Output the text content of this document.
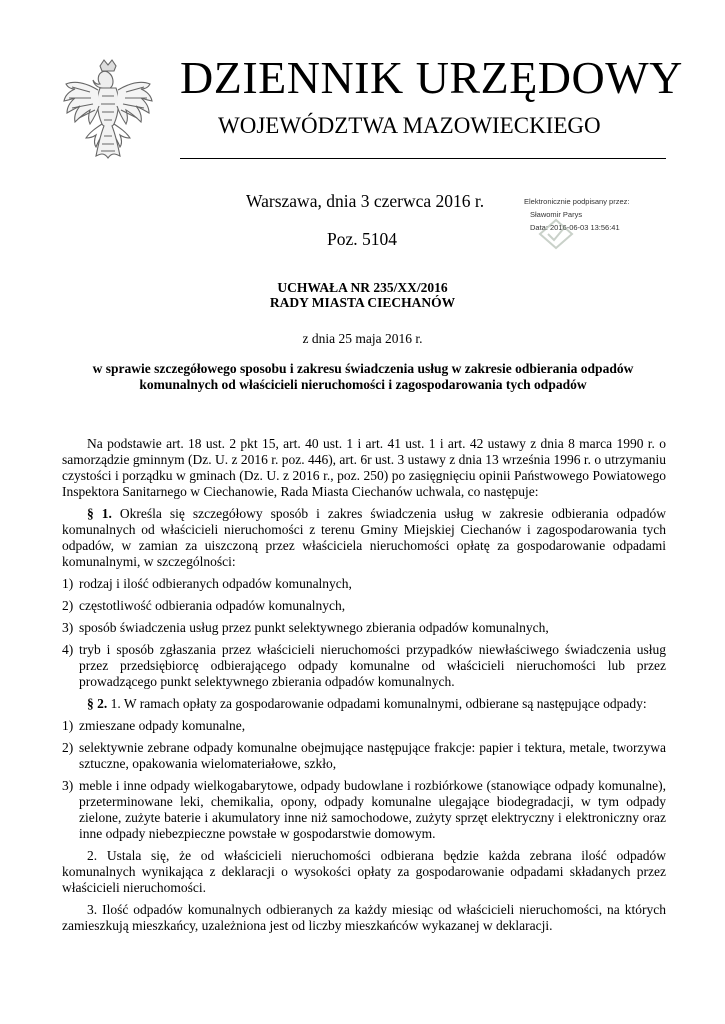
DZIENNIK URZĘDOWY
WOJEWÓDZTWA MAZOWIECKIEGO
Warszawa, dnia 3 czerwca 2016 r.
Poz. 5104
Elektronicznie podpisany przez:
Sławomir Parys
Data: 2016-06-03 13:56:41
UCHWAŁA NR 235/XX/2016
RADY MIASTA CIECHANÓW
z dnia 25 maja 2016 r.
w sprawie szczegółowego sposobu i zakresu świadczenia usług w zakresie odbierania odpadów komunalnych od właścicieli nieruchomości i zagospodarowania tych odpadów

Na podstawie art. 18 ust. 2 pkt 15, art. 40 ust. 1 i art. 41 ust. 1 i art. 42 ustawy z dnia 8 marca 1990 r. o samorządzie gminnym (Dz. U. z 2016 r. poz. 446), art. 6r ust. 3 ustawy z dnia 13 września 1996 r. o utrzymaniu czystości i porządku w gminach (Dz. U. z 2016 r., poz. 250) po zasięgnięciu opinii Państwowego Powiatowego Inspektora Sanitarnego w Ciechanowie, Rada Miasta Ciechanów uchwala, co następuje:

§ 1. Określa się szczegółowy sposób i zakres świadczenia usług w zakresie odbierania odpadów komunalnych od właścicieli nieruchomości z terenu Gminy Miejskiej Ciechanów i zagospodarowania tych odpadów, w zamian za uiszczoną przez właściciela nieruchomości opłatę za gospodarowanie odpadami komunalnymi, w szczególności:

1) rodzaj i ilość odbieranych odpadów komunalnych,
2) częstotliwość odbierania odpadów komunalnych,
3) sposób świadczenia usług przez punkt selektywnego zbierania odpadów komunalnych,
4) tryb i sposób zgłaszania przez właścicieli nieruchomości przypadków niewłaściwego świadczenia usług przez przedsiębiorcę odbierającego odpady komunalne od właścicieli nieruchomości lub przez prowadzącego punkt selektywnego zbierania odpadów komunalnych.

§ 2. 1. W ramach opłaty za gospodarowanie odpadami komunalnymi, odbierane są następujące odpady:

1) zmieszane odpady komunalne,
2) selektywnie zebrane odpady komunalne obejmujące następujące frakcje: papier i tektura, metale, tworzywa sztuczne, opakowania wielomateriałowe, szkło,
3) meble i inne odpady wielkogabarytowe, odpady budowlane i rozbiórkowe (stanowiące odpady komunalne), przeterminowane leki, chemikalia, opony, odpady komunalne ulegające biodegradacji, w tym odpady zielone, zużyte baterie i akumulatory inne niż samochodowe, zużyty sprzęt elektryczny i elektroniczny oraz inne odpady niebezpieczne powstałe w gospodarstwie domowym.

2. Ustala się, że od właścicieli nieruchomości odbierana będzie każda zebrana ilość odpadów komunalnych wynikająca z deklaracji o wysokości opłaty za gospodarowanie odpadami składanych przez właścicieli nieruchomości.

3. Ilość odpadów komunalnych odbieranych za każdy miesiąc od właścicieli nieruchomości, na których zamieszkują mieszkańcy, uzależniona jest od liczby mieszkańców wykazanej w deklaracji.
